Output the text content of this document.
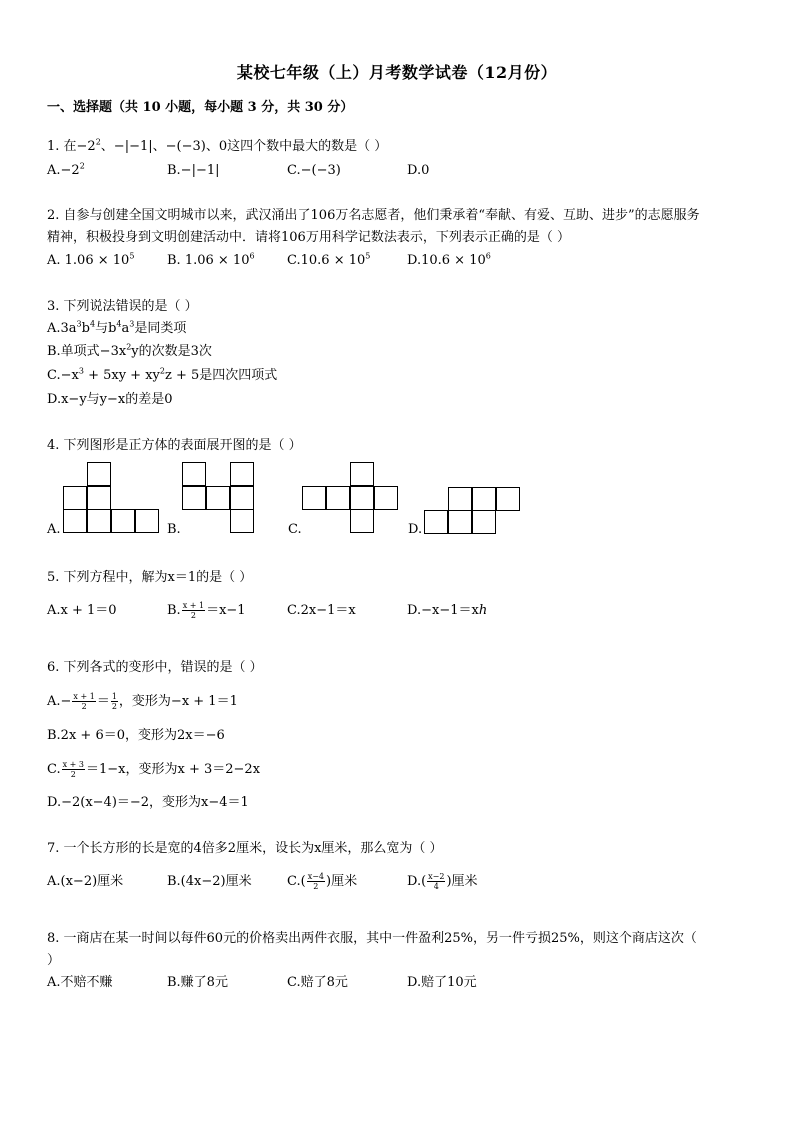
某校七年级（上）月考数学试卷（12月份）
一、选择题（共 10 小题，每小题 3 分，共 30 分）
1. 在$-2^2$、−|−1|、−(−3)、0这四个数中最大的数是（ ）
$A.-2^2$	B.−|−1|	C.−(−3)	D.0
2. 自参与创建全国文明城市以来，武汉涌出了106万名志愿者，他们秉承着“奉献、有爱、互助、进步”的志愿服务
精神，积极投身到文明创建活动中．请将106万用科学记数法表示，下列表示正确的是（ ）
A. $1.06 \times 10^5$	B. $1.06 \times 10^6$ $C.10.6 \times 10^5$	$D.10.6 \times 10^6$
3. 下列说法错误的是（ ）
$A.3a^3b^4$与$b^4a^3$是同类项
B.单项式$-3x^2y$的次数是3次
$C.-x^3 + 5xy + xy^2z + 5$是四次四项式
D.x−y与y−x的差是0
4. 下列图形是正方体的表面展开图的是（ ）
A.	B.	C.	D.
5. 下列方程中，解为x＝1的是（ ）
A.x + 1＝0	B. $\frac{x + 1}{2} =x-1$	C.2x−1＝x	D.−x−1＝xh
6. 下列各式的变形中，错误的是（ ）
$A.- \frac{x + 1}{2} = \frac{1}{2}$ ，变形为−x + 1＝1
B.2x + 6＝0，变形为2x＝−6
C. $\frac{x + 3}{2} =1-x$，变形为x + 3＝2−2x
D.−2(x−4)＝−2，变形为x−4＝1
7. 一个长方形的长是宽的4倍多2厘米，设长为x厘米，那么宽为（ ）
A.(x−2)厘米	B.(4x−2)厘米	$C.( \frac{x-4}{2}$ )厘米	$D.( \frac{x-2}{4}$ )厘米
8. 一商店在某一时间以每件60元的价格卖出两件衣服，其中一件盈利25%，另一件亏损25%，则这个商店这次（
）
A.不赔不赚	B.赚了8元	C.赔了8元	D.赔了10元
